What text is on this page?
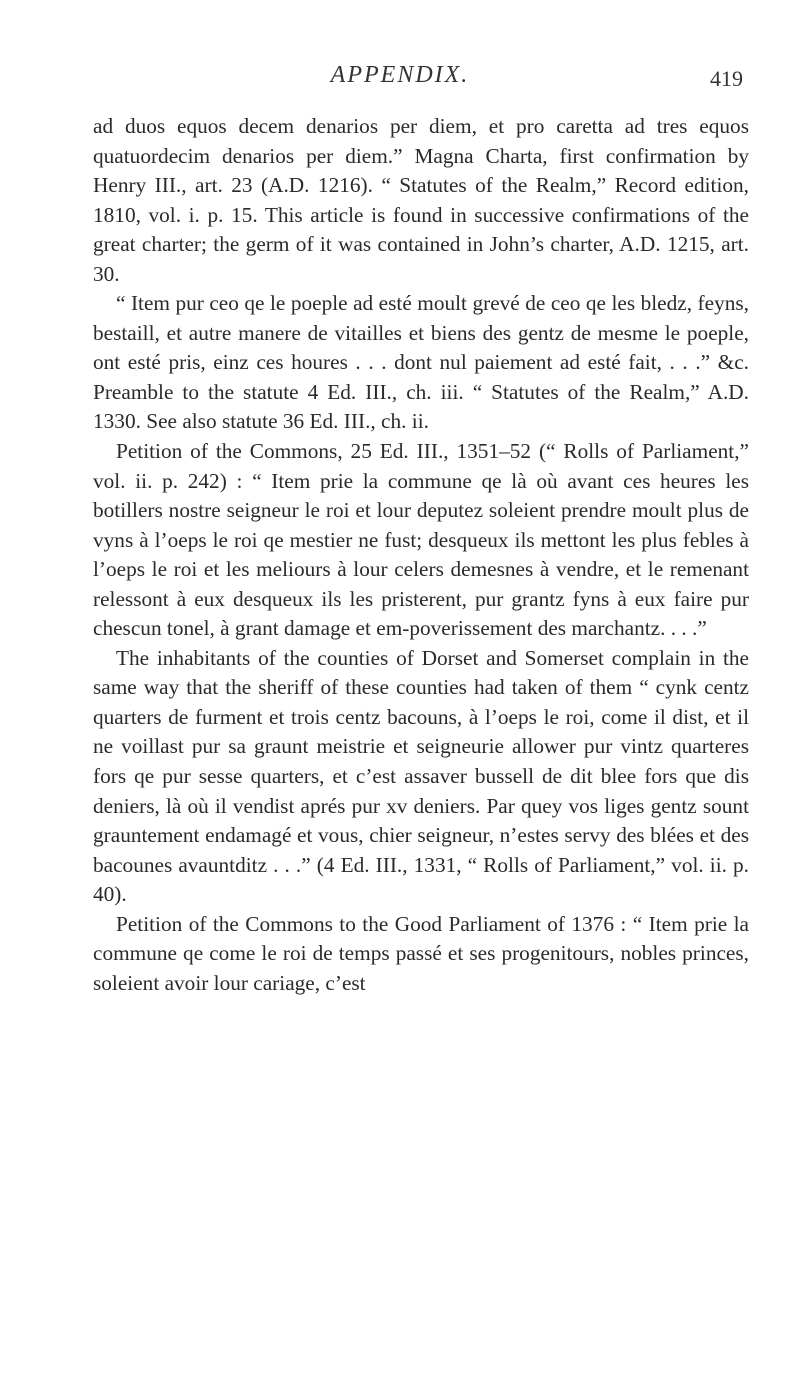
APPENDIX.	419

ad duos equos decem denarios per diem, et pro caretta ad tres equos quatuordecim denarios per diem.” Magna Charta, first confirmation by Henry III., art. 23 (A.D. 1216). “ Statutes of the Realm,” Record edition, 1810, vol. i. p. 15. This article is found in successive confirmations of the great charter; the germ of it was contained in John’s charter, A.D. 1215, art. 30.

“ Item pur ceo qe le poeple ad esté moult grevé de ceo qe les bledz, feyns, bestaill, et autre manere de vitailles et biens des gentz de mesme le poeple, ont esté pris, einz ces houres . . . dont nul paiement ad esté fait, . . .” &c. Preamble to the statute 4 Ed. III., ch. iii. “ Statutes of the Realm,” A.D. 1330. See also statute 36 Ed. III., ch. ii.

Petition of the Commons, 25 Ed. III., 1351–52 (“ Rolls of Parliament,” vol. ii. p. 242) : “ Item prie la commune qe là où avant ces heures les botillers nostre seigneur le roi et lour deputez soleient prendre moult plus de vyns à l’oeps le roi qe mestier ne fust; desqueux ils mettont les plus febles à l’oeps le roi et les meliours à lour celers demesnes à vendre, et le remenant relessont à eux desqueux ils les pristerent, pur grantz fyns à eux faire pur chescun tonel, à grant damage et em-poverissement des marchantz. . . .”

The inhabitants of the counties of Dorset and Somerset complain in the same way that the sheriff of these counties had taken of them “ cynk centz quarters de furment et trois centz bacouns, à l’oeps le roi, come il dist, et il ne voillast pur sa graunt meistrie et seigneurie allower pur vintz quarteres fors qe pur sesse quarters, et c’est assaver bussell de dit blee fors que dis deniers, là où il vendist aprés pur xv deniers. Par quey vos liges gentz sount grauntement endamagé et vous, chier seigneur, n’estes servy des blées et des bacounes avauntditz . . .” (4 Ed. III., 1331, “ Rolls of Parliament,” vol. ii. p. 40).

Petition of the Commons to the Good Parliament of 1376 : “ Item prie la commune qe come le roi de temps passé et ses progenitours, nobles princes, soleient avoir lour cariage, c’est
